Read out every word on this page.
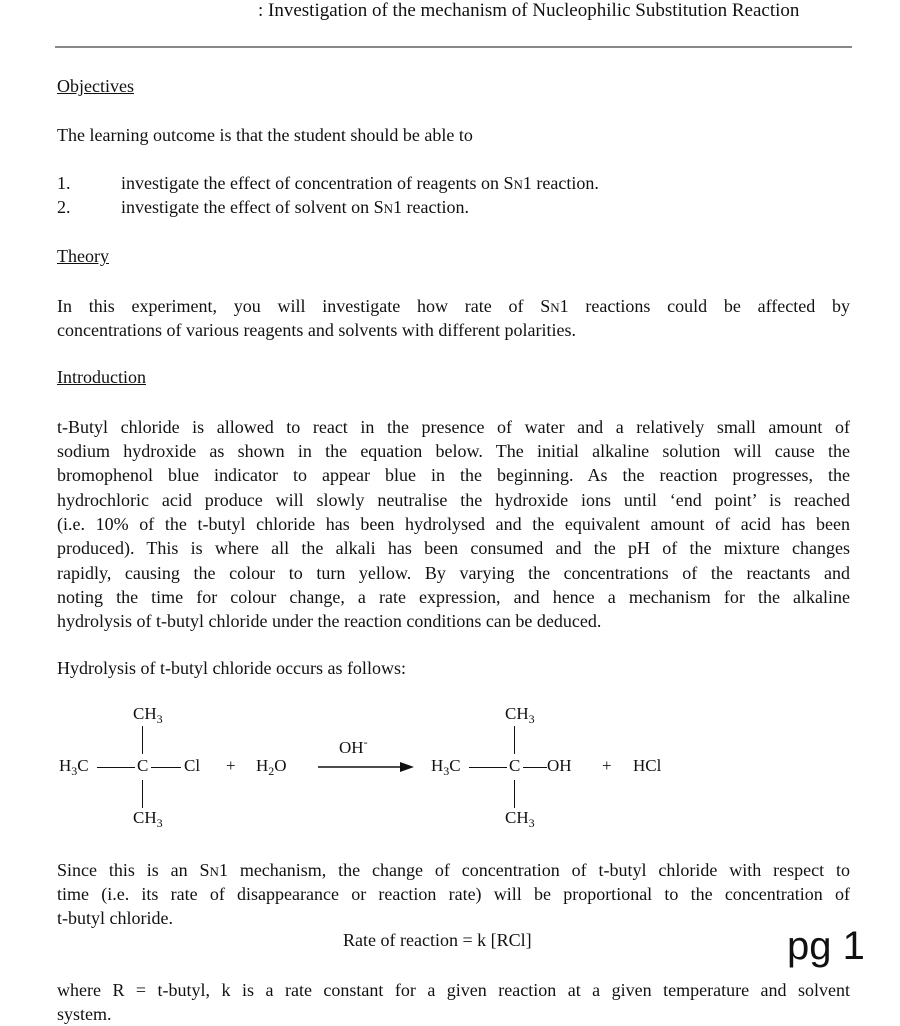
: Investigation of the mechanism of Nucleophilic Substitution Reaction
Objectives
The learning outcome is that the student should be able to
1.	investigate the effect of concentration of reagents on SN1 reaction.
2.	investigate the effect of solvent on SN1 reaction.
Theory
In this experiment, you will investigate how rate of SN1 reactions could be affected by
concentrations of various reagents and solvents with different polarities.
Introduction
t-Butyl chloride is allowed to react in the presence of water and a relatively small amount of
sodium hydroxide as shown in the equation below. The initial alkaline solution will cause the
bromophenol blue indicator to appear blue in the beginning. As the reaction progresses, the
hydrochloric acid produce will slowly neutralise the hydroxide ions until ‘end point’ is reached
(i.e. 10% of the t-butyl chloride has been hydrolysed and the equivalent amount of acid has been
produced). This is where all the alkali has been consumed and the pH of the mixture changes
rapidly, causing the colour to turn yellow. By varying the concentrations of the reactants and
noting the time for colour change, a rate expression, and hence a mechanism for the alkaline
hydrolysis of t-butyl chloride under the reaction conditions can be deduced.
Hydrolysis of t-butyl chloride occurs as follows:
$CH_3$
$H_3C$	C Cl
$CH_3$
+ $H_2O$
OH-
$CH_3$
$H_3C$	C OH
$CH_3$
+ HCl
Since this is an SN1 mechanism, the change of concentration of t-butyl chloride with respect to
time (i.e. its rate of disappearance or reaction rate) will be proportional to the concentration of
t-butyl chloride.
Rate of reaction = k [RCl]	pg 1
where R = t-butyl, k is a rate constant for a given reaction at a given temperature and solvent
system.
